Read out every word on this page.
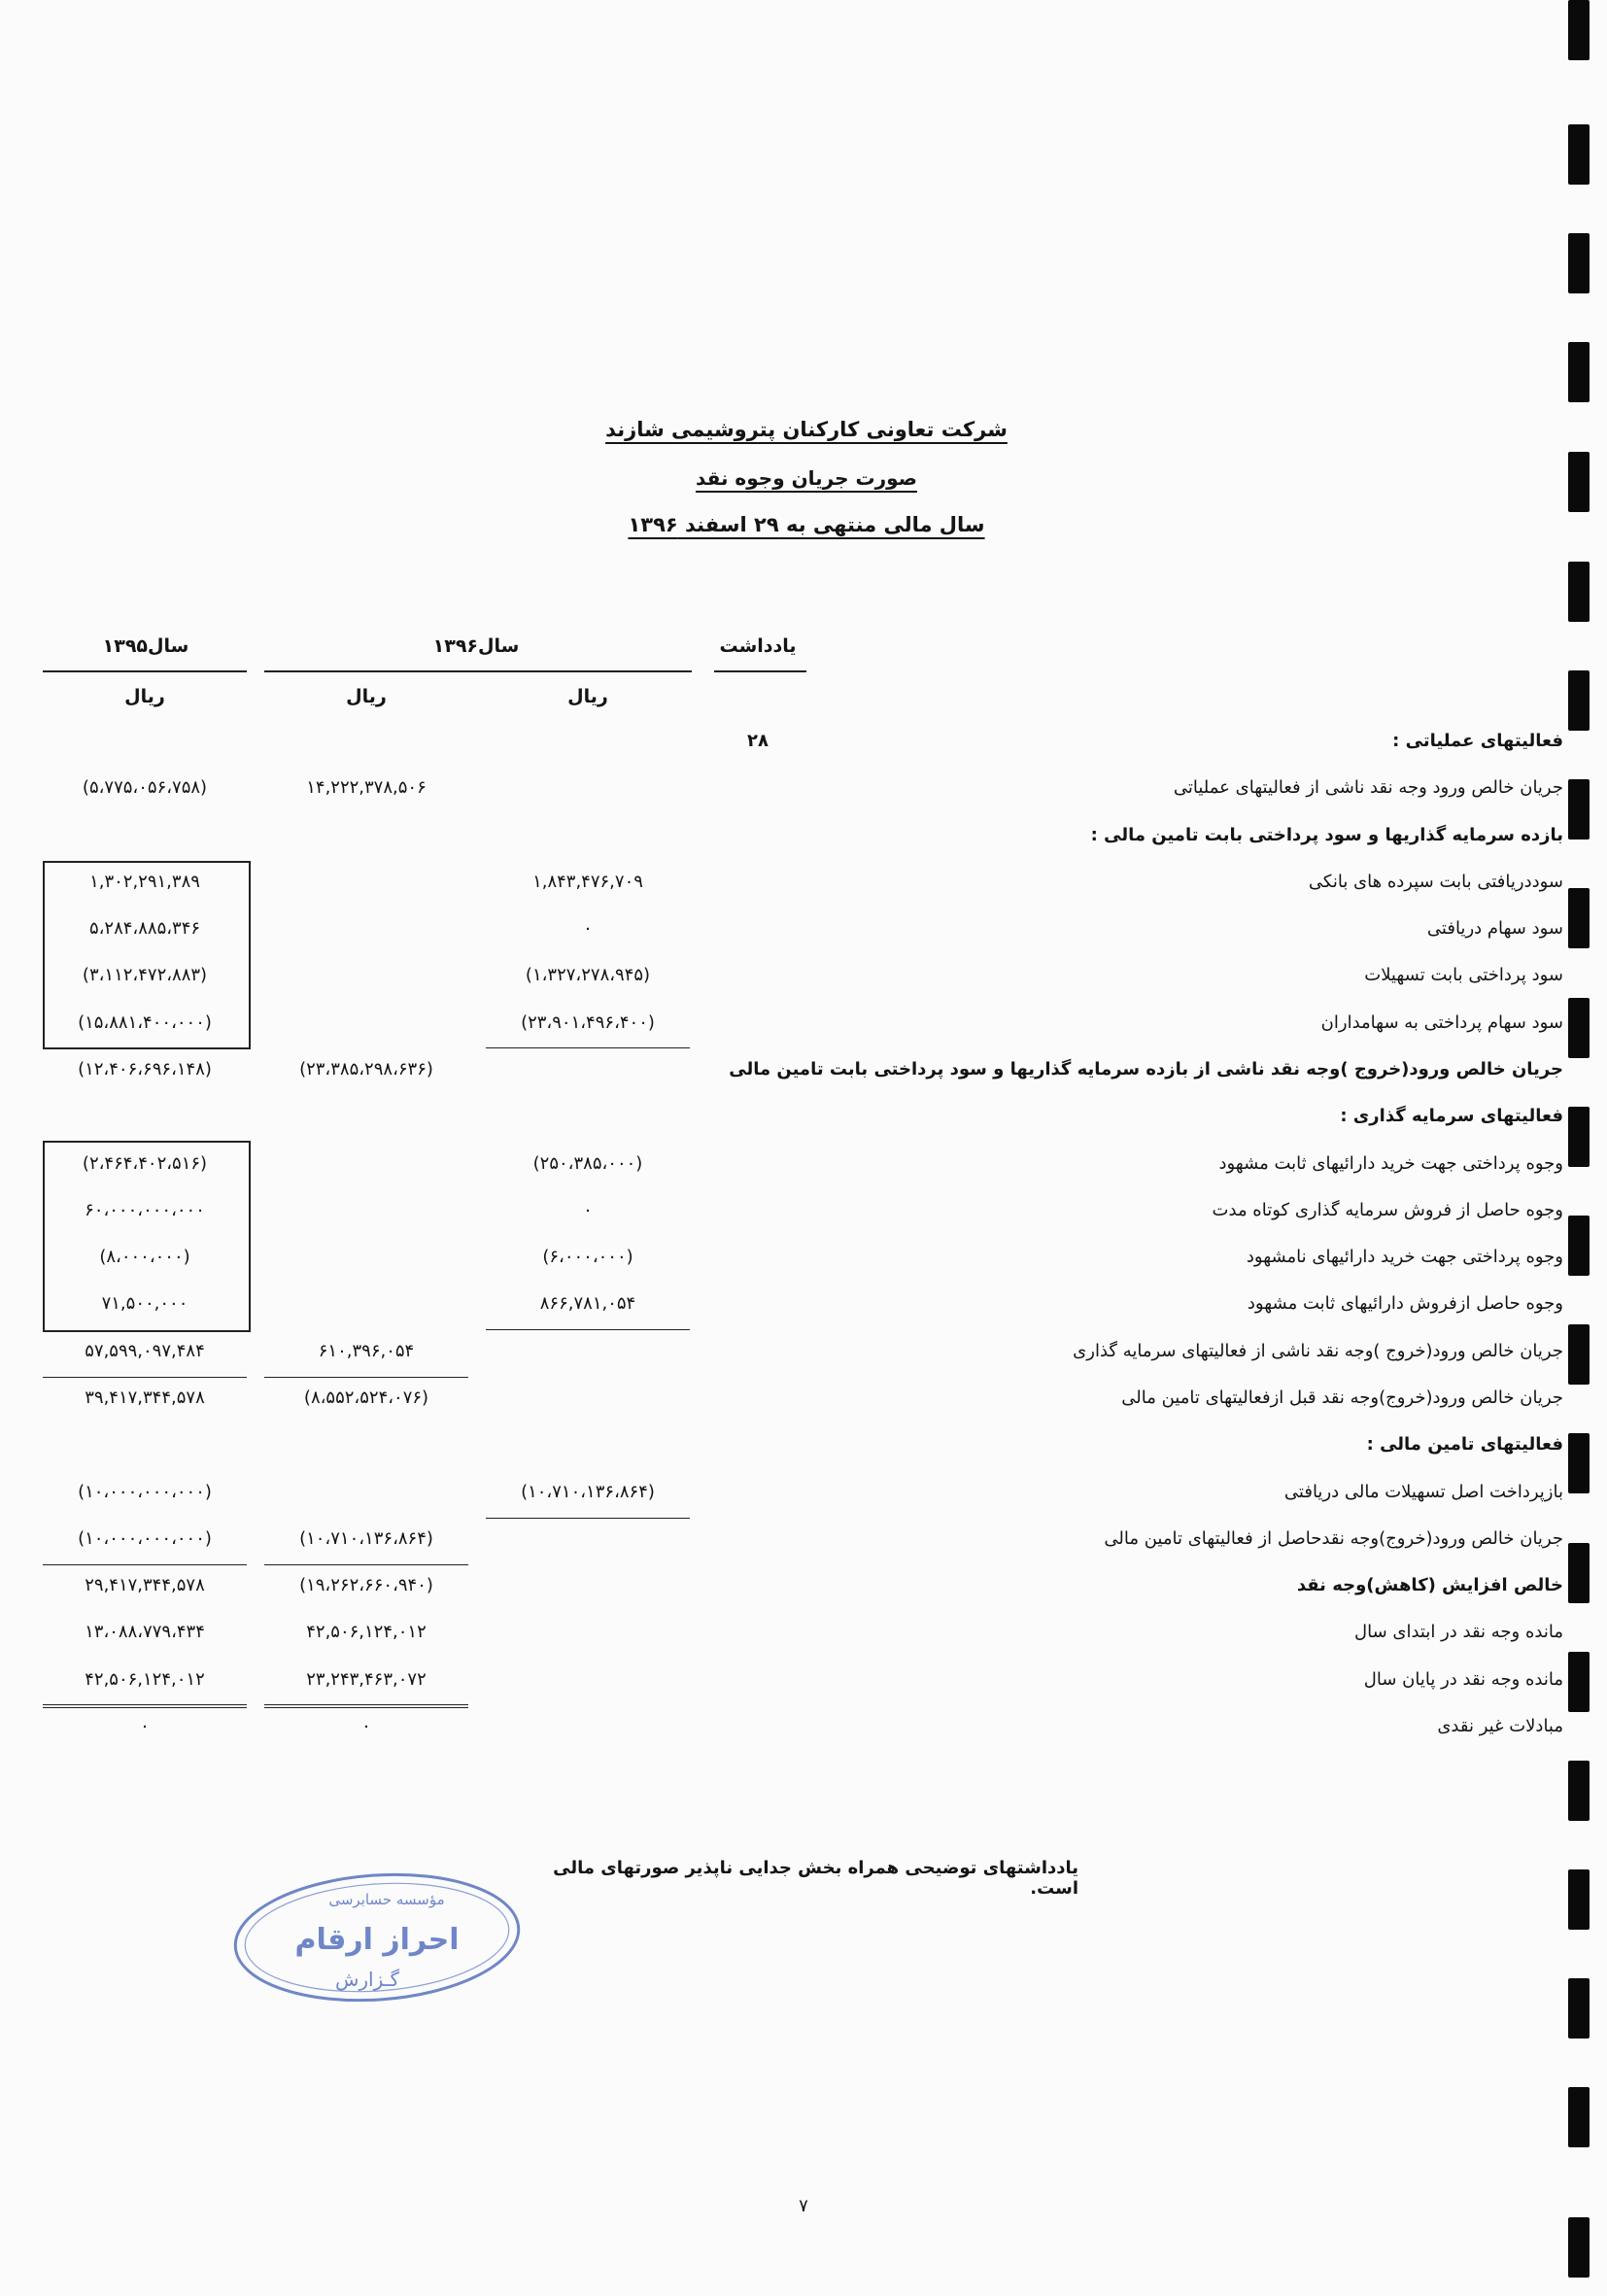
شرکت تعاونی کارکنان پتروشیمی شازند
صورت جریان وجوه نقد
سال مالی منتهی به ۲۹ اسفند ۱۳۹۶
یادداشت
سال۱۳۹۶
سال۱۳۹۵
ریال
ریال
ریال
فعالیتهای عملیاتی :
۲۸
جریان خالص ورود وجه نقد ناشی از فعالیتهای عملیاتی
۱۴,۲۲۲,۳۷۸,۵۰۶
(۵،۷۷۵،۰۵۶،۷۵۸)
بازده سرمایه گذاریها و سود پرداختی بابت تامین مالی :
سوددریافتی بابت سپرده های بانکی
۱,۸۴۳,۴۷۶,۷۰۹
۱,۳۰۲,۲۹۱,۳۸۹
سود سهام دریافتی
۰
۵،۲۸۴،۸۸۵،۳۴۶
سود پرداختی بابت تسهیلات
(۱،۳۲۷،۲۷۸،۹۴۵)
(۳،۱۱۲،۴۷۲،۸۸۳)
سود سهام پرداختی به سهامداران
(۲۳،۹۰۱،۴۹۶،۴۰۰)
(۱۵،۸۸۱،۴۰۰،۰۰۰)
جریان خالص ورود(خروج )وجه نقد ناشی از بازده سرمایه گذاریها و سود پرداختی بابت تامین مالی
(۲۳،۳۸۵،۲۹۸،۶۳۶)
(۱۲،۴۰۶،۶۹۶،۱۴۸)
فعالیتهای سرمایه گذاری :
وجوه پرداختی جهت خرید دارائیهای ثابت مشهود
(۲۵۰،۳۸۵،۰۰۰)
(۲،۴۶۴،۴۰۲،۵۱۶)
وجوه حاصل از فروش سرمایه گذاری کوتاه مدت
۰
۶۰،۰۰۰،۰۰۰،۰۰۰
وجوه پرداختی جهت خرید دارائیهای نامشهود
(۶،۰۰۰،۰۰۰)
(۸،۰۰۰،۰۰۰)
وجوه حاصل ازفروش دارائیهای ثابت مشهود
۸۶۶,۷۸۱,۰۵۴
۷۱,۵۰۰,۰۰۰
جریان خالص ورود(خروج )وجه نقد ناشی از فعالیتهای سرمایه گذاری
۶۱۰,۳۹۶,۰۵۴
۵۷,۵۹۹,۰۹۷,۴۸۴
جریان خالص ورود(خروج)وجه نقد قبل ازفعالیتهای تامین مالی
(۸،۵۵۲،۵۲۴،۰۷۶)
۳۹,۴۱۷,۳۴۴,۵۷۸
فعالیتهای تامین مالی :
بازپرداخت اصل تسهیلات مالی دریافتی
(۱۰،۷۱۰،۱۳۶،۸۶۴)
(۱۰،۰۰۰،۰۰۰،۰۰۰)
جریان خالص ورود(خروج)وجه نقدحاصل از فعالیتهای تامین مالی
(۱۰،۷۱۰،۱۳۶،۸۶۴)
(۱۰،۰۰۰،۰۰۰،۰۰۰)
خالص افزایش (کاهش)وجه نقد
(۱۹،۲۶۲،۶۶۰،۹۴۰)
۲۹,۴۱۷,۳۴۴,۵۷۸
مانده وجه نقد در ابتدای سال
۴۲,۵۰۶,۱۲۴,۰۱۲
۱۳،۰۸۸،۷۷۹،۴۳۴
مانده وجه نقد در پایان سال
۲۳,۲۴۳,۴۶۳,۰۷۲
۴۲,۵۰۶,۱۲۴,۰۱۲
مبادلات غیر نقدی
۰
۰
یادداشتهای توضیحی همراه بخش جدایی ناپذیر صورتهای مالی است.
مؤسسه حسابرسی
احراز ارقام
گـزارش
۷
